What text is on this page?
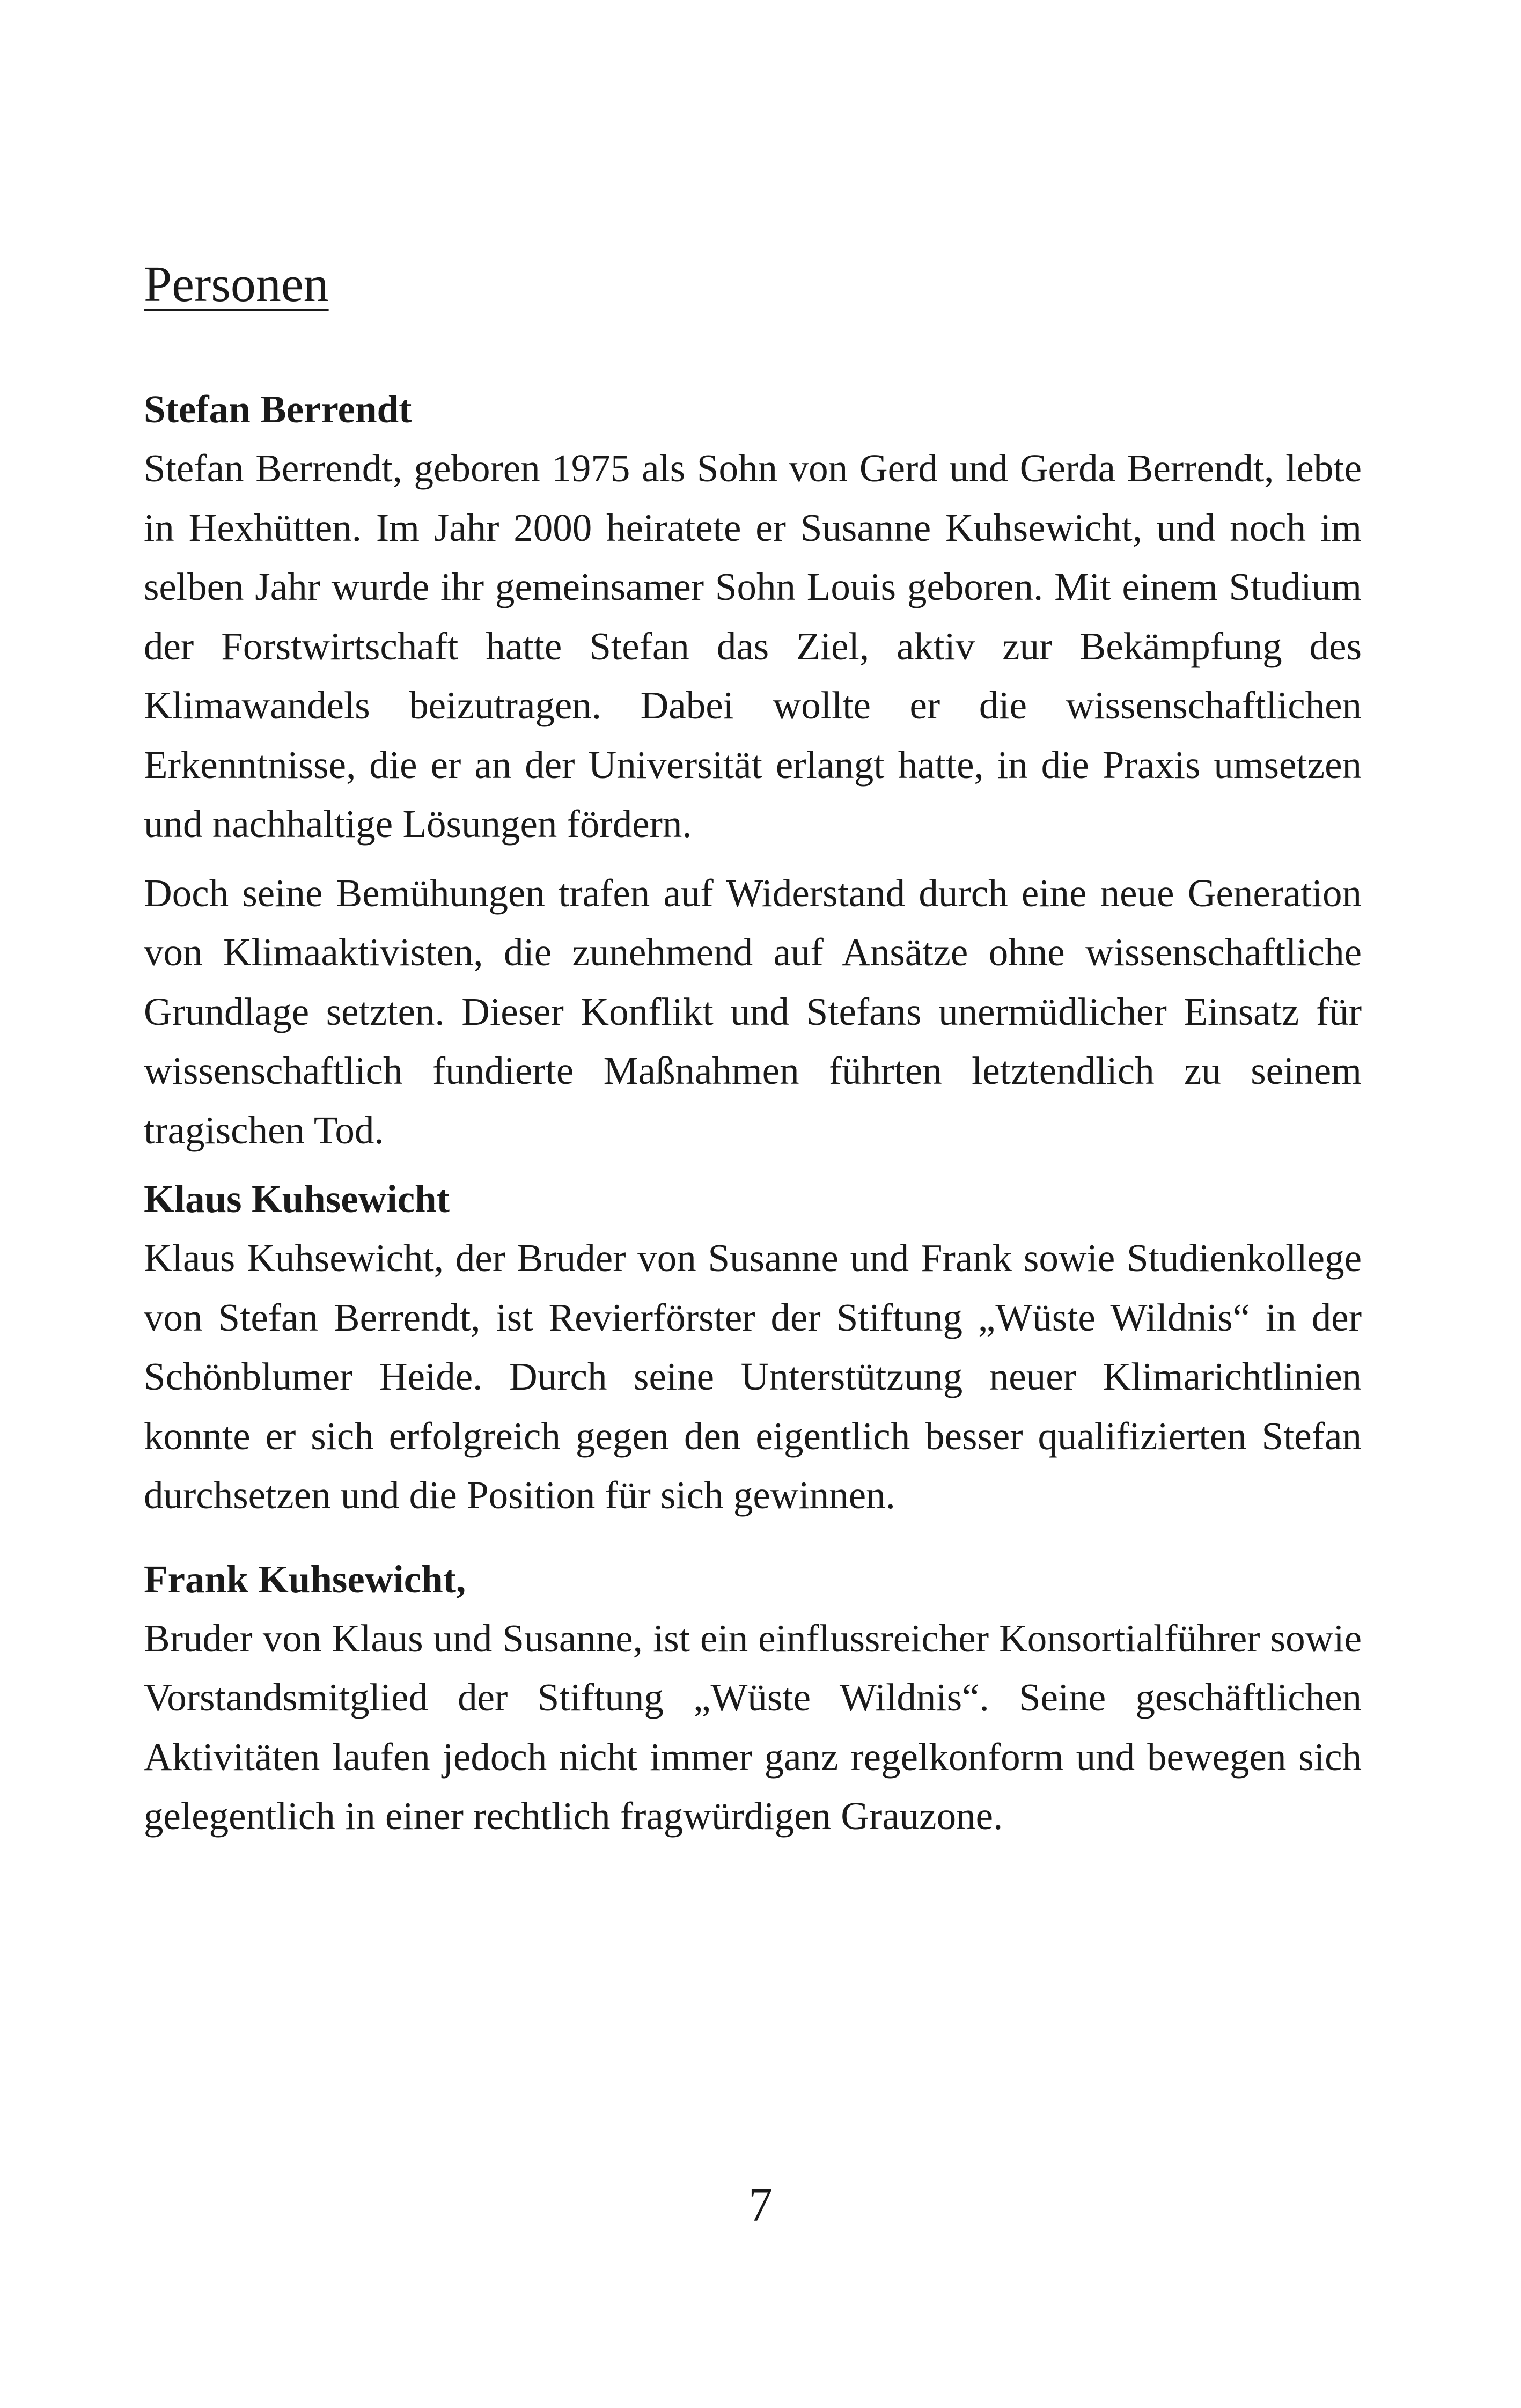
Personen
Stefan Berrendt

Stefan Berrendt, geboren 1975 als Sohn von Gerd und Gerda Berrendt, lebte in Hexhütten. Im Jahr 2000 heiratete er Susanne Kuhsewicht, und noch im selben Jahr wurde ihr gemeinsamer Sohn Louis geboren. Mit einem Studium der Forstwirtschaft hatte Stefan das Ziel, aktiv zur Bekämpfung des Klimawandels beizutragen. Dabei wollte er die wissenschaftlichen Erkenntnisse, die er an der Universität erlangt hatte, in die Praxis umsetzen und nachhaltige Lösungen fördern.

Doch seine Bemühungen trafen auf Widerstand durch eine neue Generation von Klimaaktivisten, die zunehmend auf Ansätze ohne wissenschaftliche Grundlage setzten. Dieser Konflikt und Stefans unermüdlicher Einsatz für wissenschaftlich fundierte Maßnahmen führten letztendlich zu seinem tragischen Tod.

Klaus Kuhsewicht

Klaus Kuhsewicht, der Bruder von Susanne und Frank sowie Studienkollege von Stefan Berrendt, ist Revierförster der Stiftung „Wüste Wildnis“ in der Schönblumer Heide. Durch seine Unterstützung neuer Klimarichtlinien konnte er sich erfolgreich gegen den eigentlich besser qualifizierten Stefan durchsetzen und die Position für sich gewinnen.

Frank Kuhsewicht,

Bruder von Klaus und Susanne, ist ein einflussreicher Konsortialführer sowie Vorstandsmitglied der Stiftung „Wüste Wildnis“. Seine geschäftlichen Aktivitäten laufen jedoch nicht immer ganz regelkonform und bewegen sich gelegentlich in einer rechtlich fragwürdigen Grauzone.

7
